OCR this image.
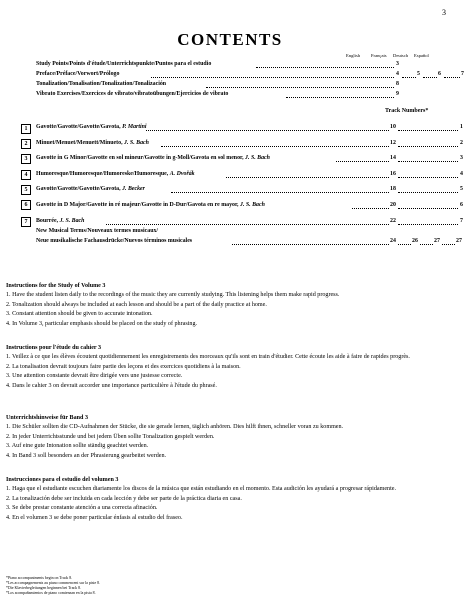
3
CONTENTS
English Français Deutsch Español
Study Points/Points d'étude/Unterrichtspunkte/Puntos para el estudio	3
Preface/Préface/Vorwort/Prólogo	4	5	6	7
Tonalization/Tonalisation/Tonalization/Tonalización	8
Vibrato Exercises/Exercices de vibrato/vibratoübungen/Ejercicios de vibrato	9
Track Numbers*
1	Gavotte/Gavotte/Gavotte/Gavota, P. Martini	10	1
2	Minuet/Menuet/Menuett/Minueto, J. S. Bach	12	2
3	Gavotte in G Minor/Gavotte en sol mineur/Gavotte in g-Moll/Gavota en sol menor, J. S. Bach	14	3
4	Humoresque/Humoresque/Humoreske/Humoresque, A. Dvořák	16	4
5	Gavotte/Gavotte/Gavotte/Gavota, J. Becker	18	5
6	Gavotte in D Major/Gavotte in ré majeur/Gavotte in D-Dur/Gavota en re mayor, J. S. Bach	20	6
7	Bourrée, J. S. Bach	22	7
New Musical Terms/Nouveaux termes musicaux/
Neue musikalische Fachausdrücke/Nuevos términos musicales	24	26	27	27
Instructions for the Study of Volume 3
1. Have the student listen daily to the recordings of the music they are currently studying. This listening helps them make rapid progress.
2. Tonalization should always be included at each lesson and should be a part of the daily practice at home.
3. Constant attention should be given to accurate intonation.
4. In Volume 3, particular emphasis should be placed on the study of phrasing.
Instructions pour l'étude du cahier 3
1. Veillez à ce que les élèves écoutent quotidiennement les enregistrements des morceaux qu'ils sont en train d'étudier. Cette écoute les aide à faire de rapides progrès.
2. La tonalisation devrait toujours faire partie des leçons et des exercices quotidiens à la maison.
3. Une attention constante devrait être dirigée vers une justesse correcte.
4. Dans le cahier 3 on devrait accorder une importance particulière à l'étude du phrasé.
Unterrichtshinweise für Band 3
1. Die Schüler sollten die CD-Aufnahmen der Stücke, die sie gerade lernen, täglich anhören. Dies hilft ihnen, schneller voran zu kommen.
2. In jeder Unterrichtsstunde und bei jedem Üben sollte Tonalization gespielt werden.
3. Auf eine gute Intonation sollte ständig geachtet werden.
4. In Band 3 soll besonders an der Phrasierung gearbeitet werden.
Instrucciones para el estudio del volumen 3
1. Haga que el estudiante escuchen diariamente los discos de la música que están estudiando en el momento. Esta audición les ayudará a progresar rápidamente.
2. La tonalización debe ser incluida en cada lección y debe ser parte de la práctica diaria en casa.
3. Se debe prestar constante atención a una correcta afinación.
4. En el volumen 3 se debe poner particular énfasis al estudio del fraseo.
*Piano accompaniments begin on Track 8.
*Les accompagnements au piano commencent sur la piste 8.
*Die Klavierbegleitungen beginnen bei Track 8.
*Los acompañamientos de piano comienzan en la pista 8.
